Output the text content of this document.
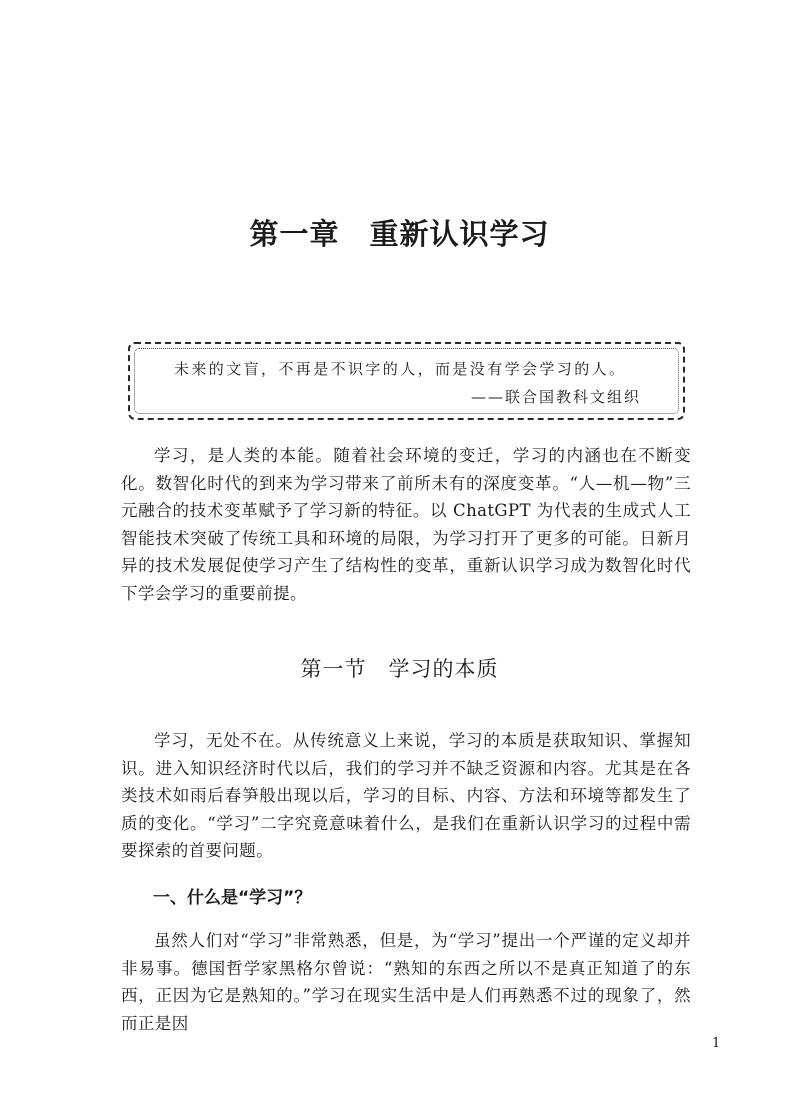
第一章　重新认识学习

未来的文盲，不再是不识字的人，而是没有学会学习的人。

——联合国教科文组织

学习，是人类的本能。随着社会环境的变迁，学习的内涵也在不断变化。数智化时代的到来为学习带来了前所未有的深度变革。“人—机—物”三元融合的技术变革赋予了学习新的特征。以 ChatGPT 为代表的生成式人工智能技术突破了传统工具和环境的局限，为学习打开了更多的可能。日新月异的技术发展促使学习产生了结构性的变革，重新认识学习成为数智化时代下学会学习的重要前提。

第一节　学习的本质

学习，无处不在。从传统意义上来说，学习的本质是获取知识、掌握知识。进入知识经济时代以后，我们的学习并不缺乏资源和内容。尤其是在各类技术如雨后春笋般出现以后，学习的目标、内容、方法和环境等都发生了质的变化。“学习”二字究竟意味着什么，是我们在重新认识学习的过程中需要探索的首要问题。

一、什么是“学习”？

虽然人们对“学习”非常熟悉，但是，为“学习”提出一个严谨的定义却并非易事。德国哲学家黑格尔曾说：“熟知的东西之所以不是真正知道了的东西，正因为它是熟知的。”学习在现实生活中是人们再熟悉不过的现象了，然而正是因

1
